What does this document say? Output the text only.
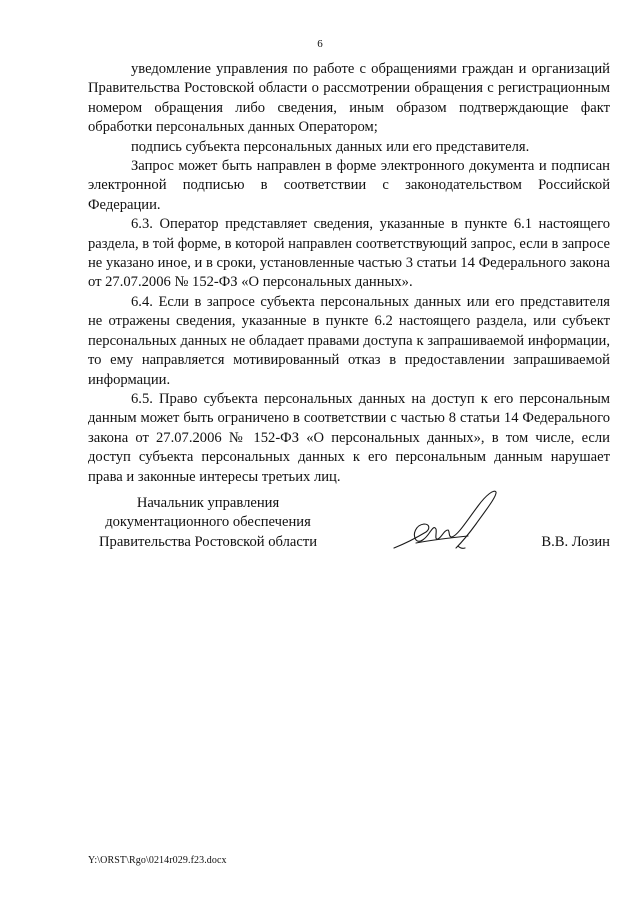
6

уведомление управления по работе с обращениями граждан и организаций Правительства Ростовской области о рассмотрении обращения с регистрационным номером обращения либо сведения, иным образом подтверждающие факт обработки персональных данных Оператором;

подпись субъекта персональных данных или его представителя.

Запрос может быть направлен в форме электронного документа и подписан электронной подписью в соответствии с законодательством Российской Федерации.

6.3. Оператор представляет сведения, указанные в пункте 6.1 настоящего раздела, в той форме, в которой направлен соответствующий запрос, если в запросе не указано иное, и в сроки, установленные частью 3 статьи 14 Федерального закона от 27.07.2006 № 152-ФЗ «О персональных данных».

6.4. Если в запросе субъекта персональных данных или его представителя не отражены сведения, указанные в пункте 6.2 настоящего раздела, или субъект персональных данных не обладает правами доступа к запрашиваемой информации, то ему направляется мотивированный отказ в предоставлении запрашиваемой информации.

6.5. Право субъекта персональных данных на доступ к его персональным данным может быть ограничено в соответствии с частью 8 статьи 14 Федерального закона от 27.07.2006 № 152-ФЗ «О персональных данных», в том числе, если доступ субъекта персональных данных к его персональным данным нарушает права и законные интересы третьих лиц.

Начальник управления
документационного обеспечения
Правительства Ростовской области	В.В. Лозин
Y:\ORST\Rgo\0214r029.f23.docx
